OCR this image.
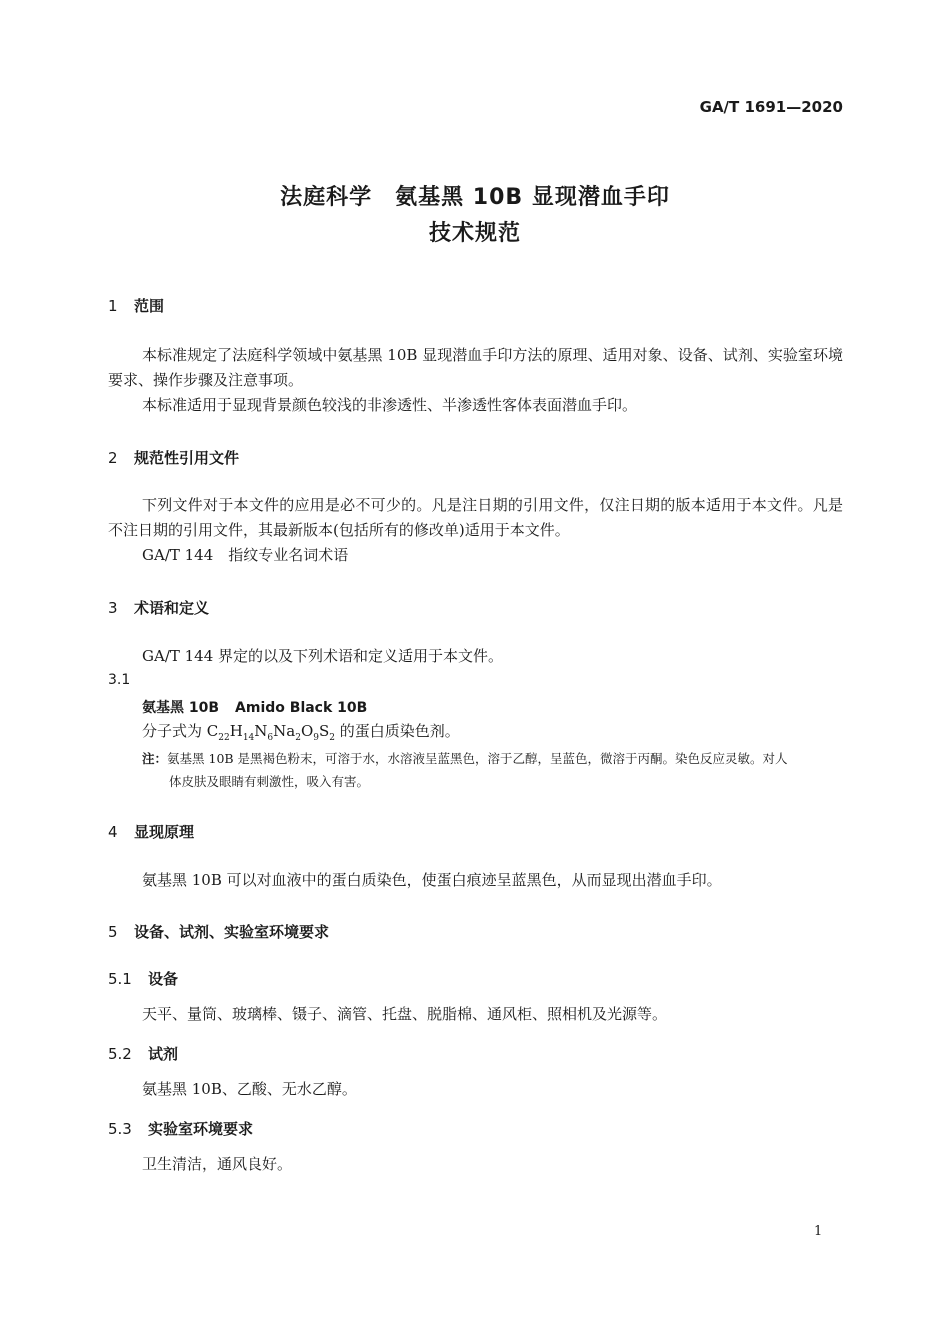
GA/T 1691—2020
法庭科学　氨基黑 10B 显现潜血手印
技术规范
1 范围
本标准规定了法庭科学领域中氨基黑 10B 显现潜血手印方法的原理、适用对象、设备、试剂、实验室环境要求、操作步骤及注意事项。
本标准适用于显现背景颜色较浅的非渗透性、半渗透性客体表面潜血手印。
2 规范性引用文件
下列文件对于本文件的应用是必不可少的。凡是注日期的引用文件，仅注日期的版本适用于本文件。凡是不注日期的引用文件，其最新版本(包括所有的修改单)适用于本文件。
GA/T 144　指纹专业名词术语
3 术语和定义
GA/T 144 界定的以及下列术语和定义适用于本文件。
3.1
氨基黑 10B Amido Black 10B
分子式为 $C_{22}H_{14}N_6Na_2O_9S_2$ 的蛋白质染色剂。
注：氨基黑 10B 是黑褐色粉末，可溶于水，水溶液呈蓝黑色，溶于乙醇，呈蓝色，微溶于丙酮。染色反应灵敏。对人
体皮肤及眼睛有刺激性，吸入有害。
4 显现原理
氨基黑 10B 可以对血液中的蛋白质染色，使蛋白痕迹呈蓝黑色，从而显现出潜血手印。
5 设备、试剂、实验室环境要求
5.1 设备
天平、量筒、玻璃棒、镊子、滴管、托盘、脱脂棉、通风柜、照相机及光源等。
5.2 试剂
氨基黑 10B、乙酸、无水乙醇。
5.3 实验室环境要求
卫生清洁，通风良好。
1
